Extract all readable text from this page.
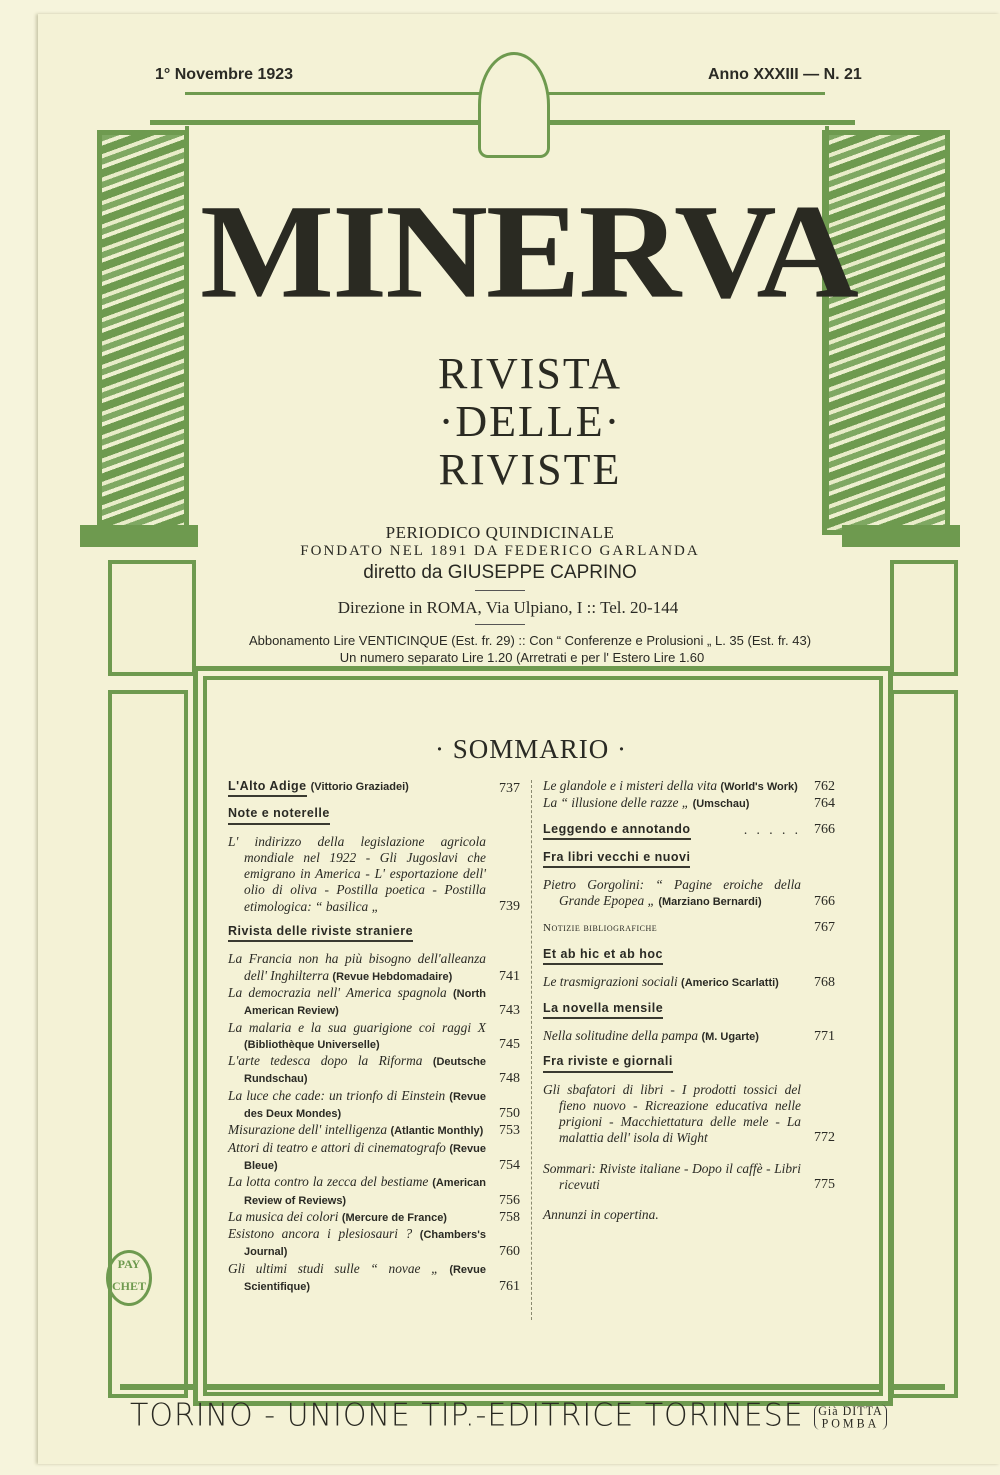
1° Novembre 1923	Anno XXXIII — N. 21
MINERVA
RIVISTA
·DELLE·
RIVISTE
PERIODICO QUINDICINALE
FONDATO NEL 1891 DA FEDERICO GARLANDA
diretto da GIUSEPPE CAPRINO
Direzione in ROMA, Via Ulpiano, I :: Tel. 20-144
Abbonamento Lire VENTICINQUE (Est. fr. 29) :: Con “ Conferenze e Prolusioni „ L. 35 (Est. fr. 43)
Un numero separato Lire 1.20 (Arretrati e per l' Estero Lire 1.60
· SOMMARIO ·
L'Alto Adige (Vittorio Graziadei)	737
Note e noterelle
L' indirizzo della legislazione agricola mondiale nel 1922 - Gli Jugoslavi che emigrano in America - L' esportazione dell' olio di oliva - Postilla poetica - Postilla etimologica: “ basilica „	739
Rivista delle riviste straniere
La Francia non ha più bisogno dell'alleanza dell' Inghilterra (Revue Hebdomadaire)	741
La democrazia nell' America spagnola (North American Review)	743
La malaria e la sua guarigione coi raggi X (Bibliothèque Universelle)	745
L'arte tedesca dopo la Riforma (Deutsche Rundschau)	748
La luce che cade: un trionfo di Einstein (Revue des Deux Mondes)	750
Misurazione dell' intelligenza (Atlantic Monthly) 753
Attori di teatro e attori di cinematografo (Revue Bleue)	754
La lotta contro la zecca del bestiame (American Review of Reviews)	756
La musica dei colori (Mercure de France)	758
Esistono ancora i plesiosauri ? (Chambers's Journal)	760
Gli ultimi studi sulle “ novae „ (Revue Scientifique)	761
Le glandole e i misteri della vita (World's Work) 762
La “ illusione delle razze „ (Umschau)	764
Leggendo e annotando	766
. . . . .
Fra libri vecchi e nuovi
Pietro Gorgolini: “ Pagine eroiche della Grande Epopea „ (Marziano Bernardi)	766
Notizie bibliografiche	767
Et ab hic et ab hoc
Le trasmigrazioni sociali (Americo Scarlatti)	768
La novella mensile
Nella solitudine della pampa (M. Ugarte)	771
Fra riviste e giornali
Gli sbafatori di libri - I prodotti tossici del fieno nuovo - Ricreazione educativa nelle prigioni - Macchiettatura delle mele - La malattia dell' isola di Wight	772
Sommari: Riviste italiane - Dopo il caffè - Libri ricevuti	775
Annunzi in copertina.
PAY
CHET
TORINO - UNIONE TIP.-EDITRICE TORINESE Già DITTA
POMBA
